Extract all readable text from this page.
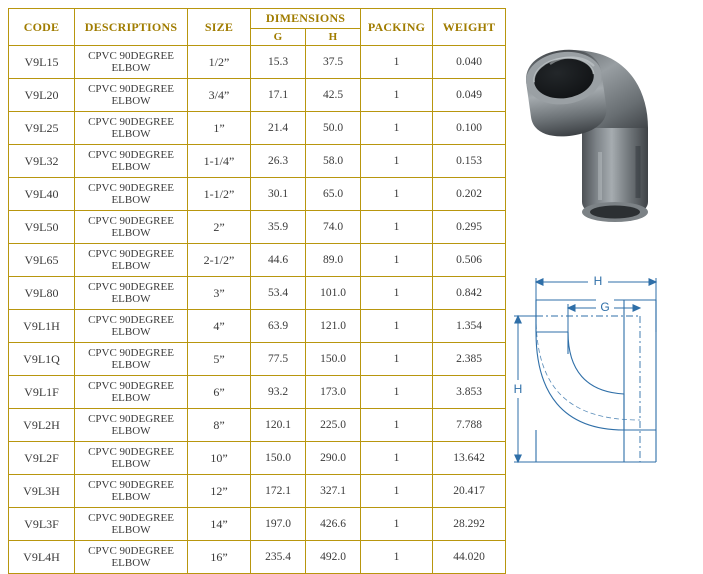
CODE	DESCRIPTIONS	SIZE	DIMENSIONS		PACKING	WEIGHT
			G	H		
V9L15	CPVC 90DEGREE ELBOW	1/2”	15.3	37.5	1	0.040
V9L20	CPVC 90DEGREE ELBOW	3/4”	17.1	42.5	1	0.049
V9L25	CPVC 90DEGREE ELBOW	1”	21.4	50.0	1	0.100
V9L32	CPVC 90DEGREE ELBOW	1-1/4”	26.3	58.0	1	0.153
V9L40	CPVC 90DEGREE ELBOW	1-1/2”	30.1	65.0	1	0.202
V9L50	CPVC 90DEGREE ELBOW	2”	35.9	74.0	1	0.295
V9L65	CPVC 90DEGREE ELBOW	2-1/2”	44.6	89.0	1	0.506
V9L80	CPVC 90DEGREE ELBOW	3”	53.4	101.0	1	0.842
V9L1H	CPVC 90DEGREE ELBOW	4”	63.9	121.0	1	1.354
V9L1Q	CPVC 90DEGREE ELBOW	5”	77.5	150.0	1	2.385
V9L1F	CPVC 90DEGREE ELBOW	6”	93.2	173.0	1	3.853
V9L2H	CPVC 90DEGREE ELBOW	8”	120.1	225.0	1	7.788
V9L2F	CPVC 90DEGREE ELBOW	10”	150.0	290.0	1	13.642
V9L3H	CPVC 90DEGREE ELBOW	12”	172.1	327.1	1	20.417
V9L3F	CPVC 90DEGREE ELBOW	14”	197.0	426.6	1	28.292
V9L4H	CPVC 90DEGREE ELBOW	16”	235.4	492.0	1	44.020
H
G
H
